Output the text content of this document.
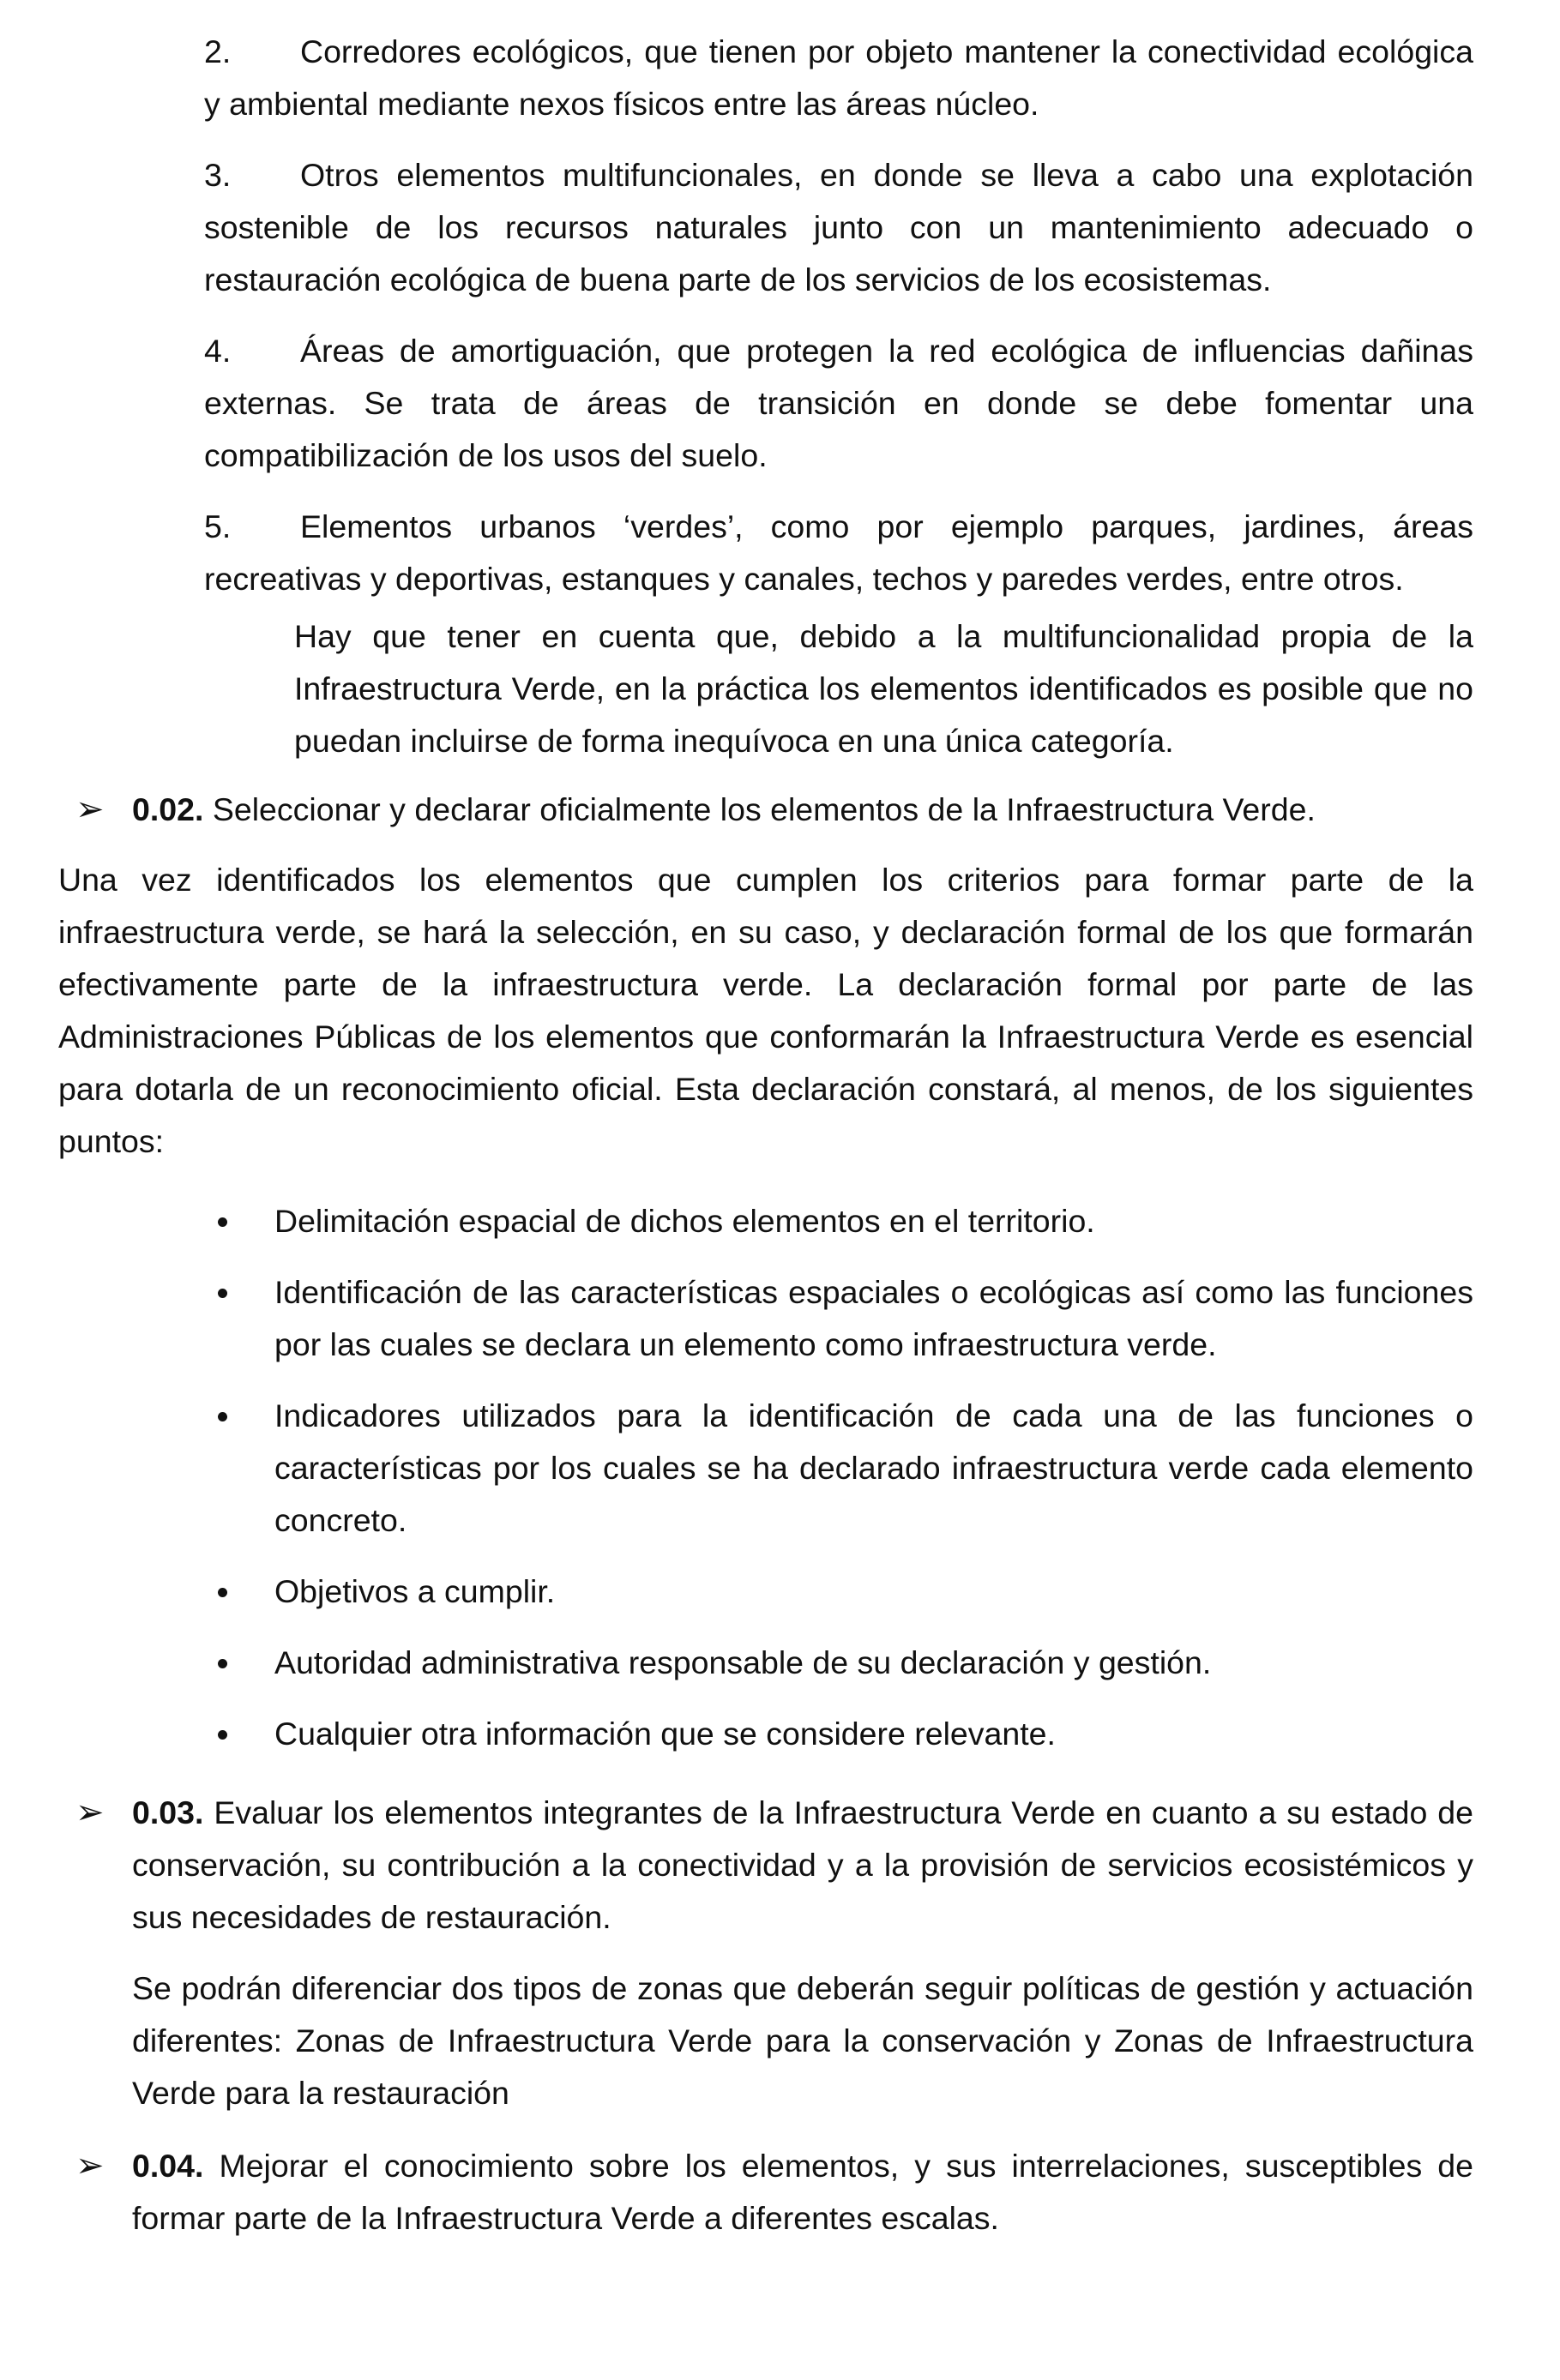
2. Corredores ecológicos, que tienen por objeto mantener la conectividad ecológica y ambiental mediante nexos físicos entre las áreas núcleo.

3. Otros elementos multifuncionales, en donde se lleva a cabo una explotación sostenible de los recursos naturales junto con un mantenimiento adecuado o restauración ecológica de buena parte de los servicios de los ecosistemas.

4. Áreas de amortiguación, que protegen la red ecológica de influencias dañinas externas. Se trata de áreas de transición en donde se debe fomentar una compatibilización de los usos del suelo.

5. Elementos urbanos ‘verdes’, como por ejemplo parques, jardines, áreas recreativas y deportivas, estanques y canales, techos y paredes verdes, entre otros.

Hay que tener en cuenta que, debido a la multifuncionalidad propia de la Infraestructura Verde, en la práctica los elementos identificados es posible que no puedan incluirse de forma inequívoca en una única categoría.

➢ 0.02. Seleccionar y declarar oficialmente los elementos de la Infraestructura Verde.

Una vez identificados los elementos que cumplen los criterios para formar parte de la infraestructura verde, se hará la selección, en su caso, y declaración formal de los que formarán efectivamente parte de la infraestructura verde. La declaración formal por parte de las Administraciones Públicas de los elementos que conformarán la Infraestructura Verde es esencial para dotarla de un reconocimiento oficial. Esta declaración constará, al menos, de los siguientes puntos:

Delimitación espacial de dichos elementos en el territorio.
Identificación de las características espaciales o ecológicas así como las funciones por las cuales se declara un elemento como infraestructura verde.
Indicadores utilizados para la identificación de cada una de las funciones o características por los cuales se ha declarado infraestructura verde cada elemento concreto.
Objetivos a cumplir.
Autoridad administrativa responsable de su declaración y gestión.
Cualquier otra información que se considere relevante.
➢ 0.03. Evaluar los elementos integrantes de la Infraestructura Verde en cuanto a su estado de conservación, su contribución a la conectividad y a la provisión de servicios ecosistémicos y sus necesidades de restauración.

Se podrán diferenciar dos tipos de zonas que deberán seguir políticas de gestión y actuación diferentes: Zonas de Infraestructura Verde para la conservación y Zonas de Infraestructura Verde para la restauración

➢ 0.04. Mejorar el conocimiento sobre los elementos, y sus interrelaciones, susceptibles de formar parte de la Infraestructura Verde a diferentes escalas.
